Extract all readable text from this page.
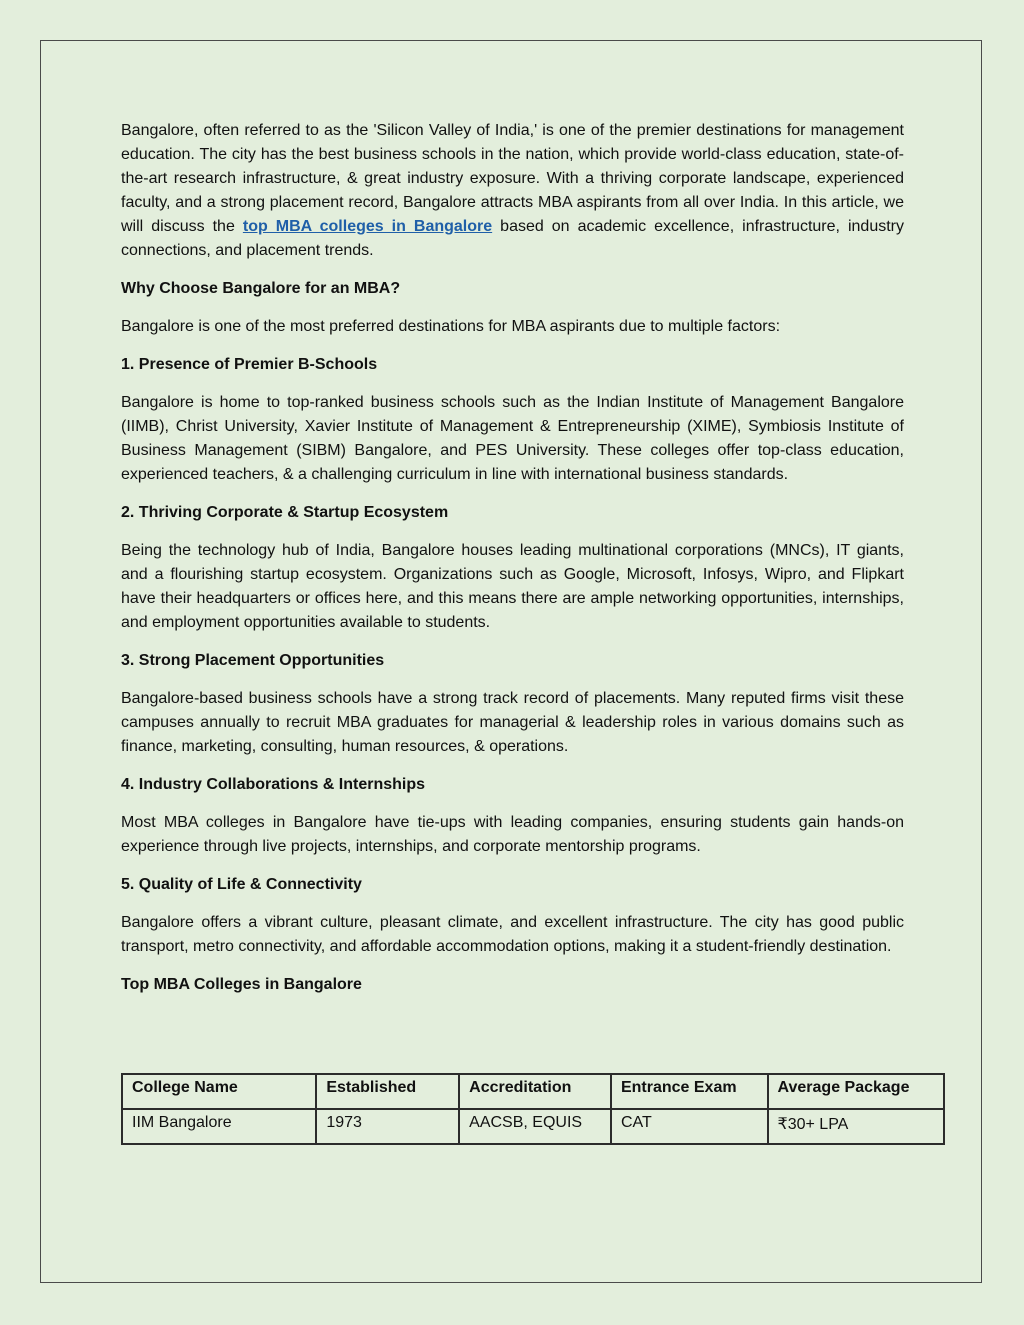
Bangalore, often referred to as the 'Silicon Valley of India,' is one of the premier destinations for management education. The city has the best business schools in the nation, which provide world-class education, state-of-the-art research infrastructure, & great industry exposure. With a thriving corporate landscape, experienced faculty, and a strong placement record, Bangalore attracts MBA aspirants from all over India. In this article, we will discuss the top MBA colleges in Bangalore based on academic excellence, infrastructure, industry connections, and placement trends.

Why Choose Bangalore for an MBA?

Bangalore is one of the most preferred destinations for MBA aspirants due to multiple factors:

1. Presence of Premier B-Schools

Bangalore is home to top-ranked business schools such as the Indian Institute of Management Bangalore (IIMB), Christ University, Xavier Institute of Management & Entrepreneurship (XIME), Symbiosis Institute of Business Management (SIBM) Bangalore, and PES University. These colleges offer top-class education, experienced teachers, & a challenging curriculum in line with international business standards.

2. Thriving Corporate & Startup Ecosystem

Being the technology hub of India, Bangalore houses leading multinational corporations (MNCs), IT giants, and a flourishing startup ecosystem. Organizations such as Google, Microsoft, Infosys, Wipro, and Flipkart have their headquarters or offices here, and this means there are ample networking opportunities, internships, and employment opportunities available to students.

3. Strong Placement Opportunities

Bangalore-based business schools have a strong track record of placements. Many reputed firms visit these campuses annually to recruit MBA graduates for managerial & leadership roles in various domains such as finance, marketing, consulting, human resources, & operations.

4. Industry Collaborations & Internships

Most MBA colleges in Bangalore have tie-ups with leading companies, ensuring students gain hands-on experience through live projects, internships, and corporate mentorship programs.

5. Quality of Life & Connectivity

Bangalore offers a vibrant culture, pleasant climate, and excellent infrastructure. The city has good public transport, metro connectivity, and affordable accommodation options, making it a student-friendly destination.

Top MBA Colleges in Bangalore

College Name	Established	Accreditation	Entrance Exam	Average Package
IIM Bangalore	1973	AACSB, EQUIS	CAT	₹30+ LPA
